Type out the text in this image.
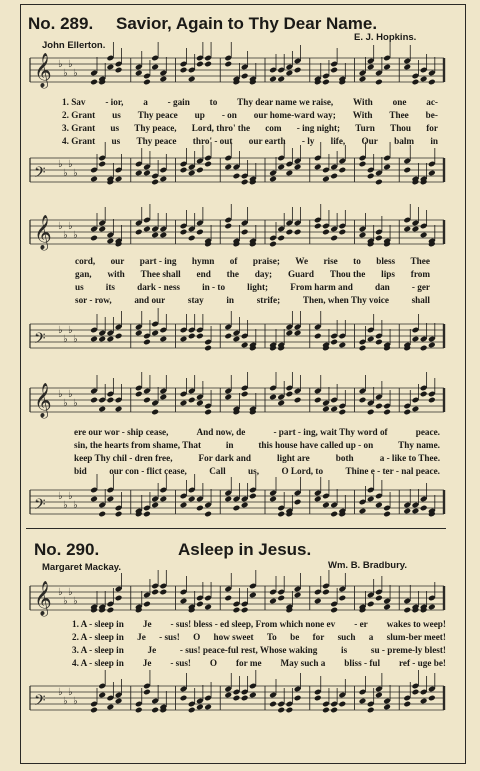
No. 289. Savior, Again to Thy Dear Name.
John Ellerton.
E. J. Hopkins.
𝄞 ♭
♭
♭
♭
𝄢 ♭
♭
♭
♭
𝄞 ♭
♭
♭
♭
𝄢 ♭
♭
♭
♭
𝄞 ♭
♭
♭
♭
𝄢 ♭
♭
♭
♭
1. Sav - ior, a - gain to Thy dear name we raise, With one ac-
2. Grant us Thy peace up - on our home-ward way; With Thee be-
3. Grant us Thy peace, Lord, thro' the com - ing night; Turn Thou for
4. Grant us Thy peace thro' - out our earth - ly life, Our balm in
cord, our part - ing hymn of praise; We rise to bless Thee
gan, with Thee shall end the day; Guard Thou the lips from
us its dark - ness in - to light; From harm and dan - ger
sor - row, and our stay in strife; Then, when Thy voice shall
ere our wor - ship cease,	And now, de	- part - ing, wait Thy word of	peace.
sin, the hearts from shame, That	in	this house have called up - on	Thy name.
keep Thy chil - dren free,	For dark and	light are	both	a - like to Thee.
bid our con - flict cease, Call us, O Lord, to Thine e - ter - nal peace.
No. 290.	Asleep in Jesus.
Margaret Mackay.	Wm. B. Bradbury.
𝄞 ♭
♭
♭
♭
1. A - sleep in Je - sus! bless - ed sleep, From which none ev - er wakes to weep!
2. A - sleep in Je - sus! O how sweet To be for such a slum-ber meet!
3. A - sleep in	Je	- sus! peace-ful rest, Whose waking	is	su - preme-ly blest!
4. A - sleep in Je - sus! O for me May such a bliss - ful ref - uge be!
𝄢 ♭
♭
♭
♭
